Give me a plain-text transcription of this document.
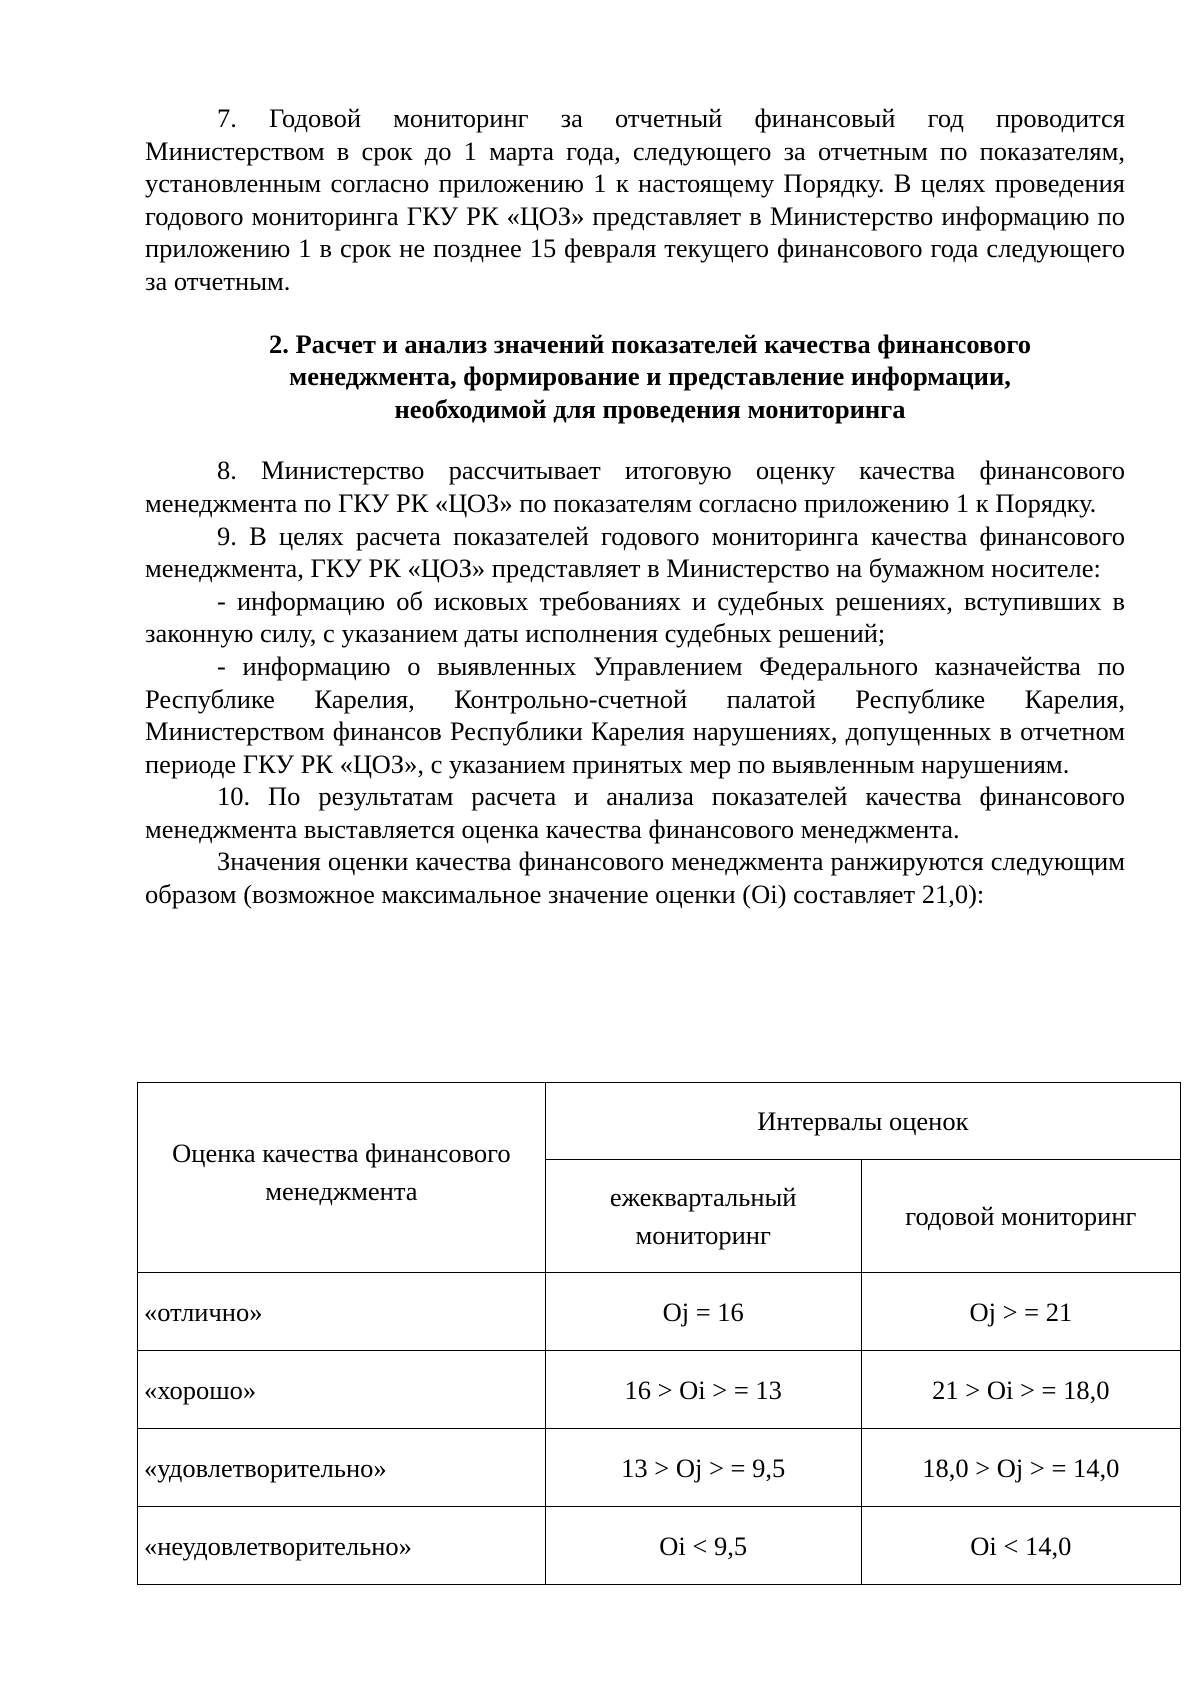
7. Годовой мониторинг за отчетный финансовый год проводится Министерством в срок до 1 марта года, следующего за отчетным по показателям, установленным согласно приложению 1 к настоящему Порядку. В целях проведения годового мониторинга ГКУ РК «ЦОЗ» представляет в Министерство информацию по приложению 1 в срок не позднее 15 февраля текущего финансового года следующего за отчетным.

2. Расчет и анализ значений показателей качества финансового
менеджмента, формирование и представление информации,
необходимой для проведения мониторинга

8. Министерство рассчитывает итоговую оценку качества финансового менеджмента по ГКУ РК «ЦОЗ» по показателям согласно приложению 1 к Порядку.

9. В целях расчета показателей годового мониторинга качества финансового менеджмента, ГКУ РК «ЦОЗ» представляет в Министерство на бумажном носителе:

- информацию об исковых требованиях и судебных решениях, вступивших в законную силу, с указанием даты исполнения судебных решений;

- информацию о выявленных Управлением Федерального казначейства по Республике Карелия, Контрольно-счетной палатой Республике Карелия, Министерством финансов Республики Карелия нарушениях, допущенных в отчетном периоде ГКУ РК «ЦОЗ», с указанием принятых мер по выявленным нарушениям.

10. По результатам расчета и анализа показателей качества финансового менеджмента выставляется оценка качества финансового менеджмента.

Значения оценки качества финансового менеджмента ранжируются следующим образом (возможное максимальное значение оценки (Oi) составляет 21,0):

Оценка качества финансового менеджмента	Интервалы оценок	
	ежеквартальный мониторинг	годовой мониторинг
«отлично»	Oj = 16	Oj > = 21
«хорошо»	16 > Oi > = 13	21 > Oi > = 18,0
«удовлетворительно»	13 > Oj > = 9,5	18,0 > Oj > = 14,0
«неудовлетворительно»	Oi < 9,5	Oi < 14,0
